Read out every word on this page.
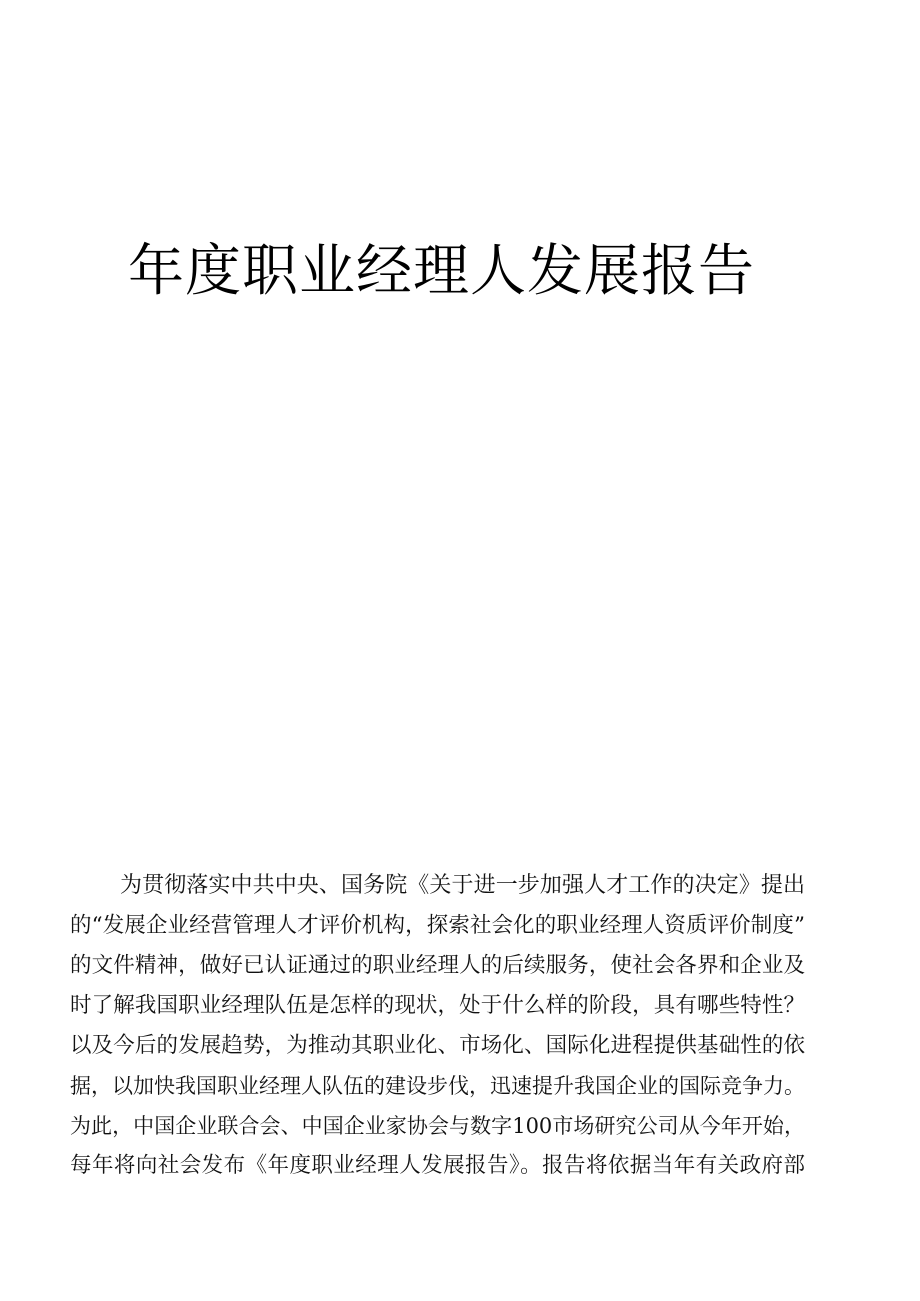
年度职业经理人发展报告
为贯彻落实中共中央、国务院《关于进一步加强人才工作的决定》提出
的“发展企业经营管理人才评价机构，探索社会化的职业经理人资质评价制度”
的文件精神，做好已认证通过的职业经理人的后续服务，使社会各界和企业及
时了解我国职业经理队伍是怎样的现状，处于什么样的阶段，具有哪些特性？
以及今后的发展趋势，为推动其职业化、市场化、国际化进程提供基础性的依
据，以加快我国职业经理人队伍的建设步伐，迅速提升我国企业的国际竞争力。
为此，中国企业联合会、中国企业家协会与数字100市场研究公司从今年开始，
每年将向社会发布《年度职业经理人发展报告》。报告将依据当年有关政府部
